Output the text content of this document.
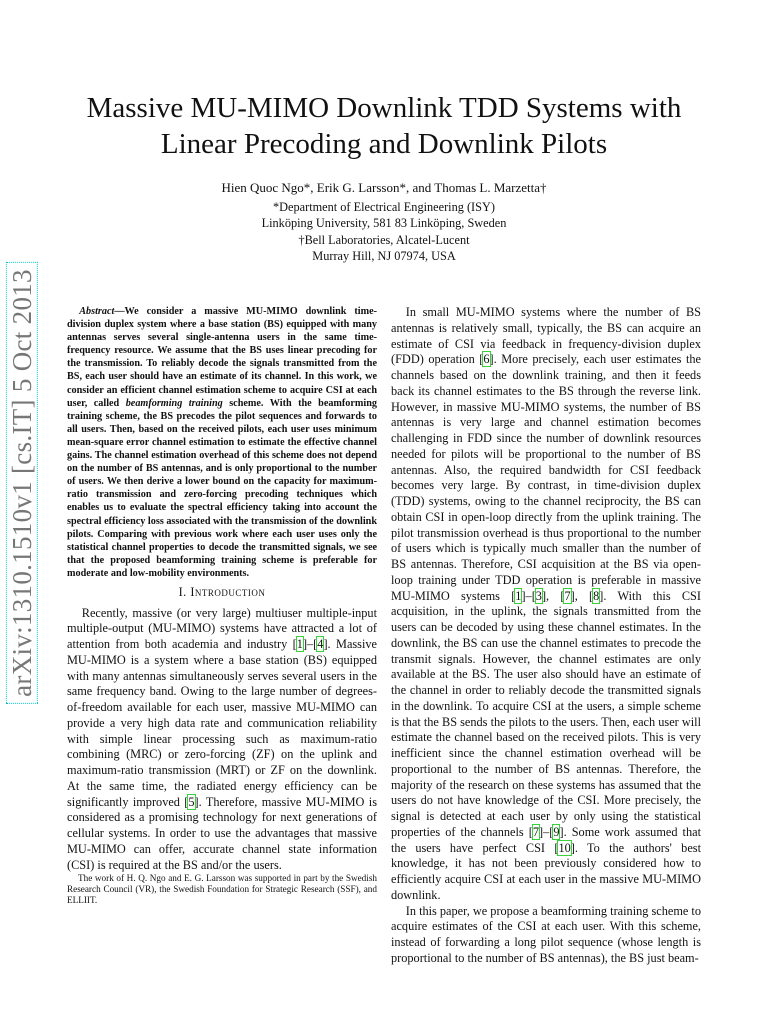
arXiv:1310.1510v1 [cs.IT] 5 Oct 2013
Massive MU-MIMO Downlink TDD Systems with
Linear Precoding and Downlink Pilots
Hien Quoc Ngo*, Erik G. Larsson*, and Thomas L. Marzetta†
*Department of Electrical Engineering (ISY)
Linköping University, 581 83 Linköping, Sweden
†Bell Laboratories, Alcatel-Lucent
Murray Hill, NJ 07974, USA

Abstract—We consider a massive MU-MIMO downlink time-division duplex system where a base station (BS) equipped with many antennas serves several single-antenna users in the same time-frequency resource. We assume that the BS uses linear precoding for the transmission. To reliably decode the signals transmitted from the BS, each user should have an estimate of its channel. In this work, we consider an efficient channel estimation scheme to acquire CSI at each user, called beamforming training scheme. With the beamforming training scheme, the BS precodes the pilot sequences and forwards to all users. Then, based on the received pilots, each user uses minimum mean-square error channel estimation to estimate the effective channel gains. The channel estimation overhead of this scheme does not depend on the number of BS antennas, and is only proportional to the number of users. We then derive a lower bound on the capacity for maximum-ratio transmission and zero-forcing precoding techniques which enables us to evaluate the spectral efficiency taking into account the spectral efficiency loss associated with the transmission of the downlink pilots. Comparing with previous work where each user uses only the statistical channel properties to decode the transmitted signals, we see that the proposed beamforming training scheme is preferable for moderate and low-mobility environments.

I. Introduction

Recently, massive (or very large) multiuser multiple-input multiple-output (MU-MIMO) systems have attracted a lot of attention from both academia and industry [1]–[4]. Massive MU-MIMO is a system where a base station (BS) equipped with many antennas simultaneously serves several users in the same frequency band. Owing to the large number of degrees-of-freedom available for each user, massive MU-MIMO can provide a very high data rate and communication reliability with simple linear processing such as maximum-ratio combining (MRC) or zero-forcing (ZF) on the uplink and maximum-ratio transmission (MRT) or ZF on the downlink. At the same time, the radiated energy efficiency can be significantly improved [5]. Therefore, massive MU-MIMO is considered as a promising technology for next generations of cellular systems. In order to use the advantages that massive MU-MIMO can offer, accurate channel state information (CSI) is required at the BS and/or the users.

The work of H. Q. Ngo and E. G. Larsson was supported in part by the Swedish Research Council (VR), the Swedish Foundation for Strategic Research (SSF), and ELLIIT.

In small MU-MIMO systems where the number of BS antennas is relatively small, typically, the BS can acquire an estimate of CSI via feedback in frequency-division duplex (FDD) operation [6]. More precisely, each user estimates the channels based on the downlink training, and then it feeds back its channel estimates to the BS through the reverse link. However, in massive MU-MIMO systems, the number of BS antennas is very large and channel estimation becomes challenging in FDD since the number of downlink resources needed for pilots will be proportional to the number of BS antennas. Also, the required bandwidth for CSI feedback becomes very large. By contrast, in time-division duplex (TDD) systems, owing to the channel reciprocity, the BS can obtain CSI in open-loop directly from the uplink training. The pilot transmission overhead is thus proportional to the number of users which is typically much smaller than the number of BS antennas. Therefore, CSI acquisition at the BS via open-loop training under TDD operation is preferable in massive MU-MIMO systems [1]–[3], [7], [8]. With this CSI acquisition, in the uplink, the signals transmitted from the users can be decoded by using these channel estimates. In the downlink, the BS can use the channel estimates to precode the transmit signals. However, the channel estimates are only available at the BS. The user also should have an estimate of the channel in order to reliably decode the transmitted signals in the downlink. To acquire CSI at the users, a simple scheme is that the BS sends the pilots to the users. Then, each user will estimate the channel based on the received pilots. This is very inefficient since the channel estimation overhead will be proportional to the number of BS antennas. Therefore, the majority of the research on these systems has assumed that the users do not have knowledge of the CSI. More precisely, the signal is detected at each user by only using the statistical properties of the channels [7]–[9]. Some work assumed that the users have perfect CSI [10]. To the authors' best knowledge, it has not been previously considered how to efficiently acquire CSI at each user in the massive MU-MIMO downlink.

In this paper, we propose a beamforming training scheme to acquire estimates of the CSI at each user. With this scheme, instead of forwarding a long pilot sequence (whose length is proportional to the number of BS antennas), the BS just beam-
